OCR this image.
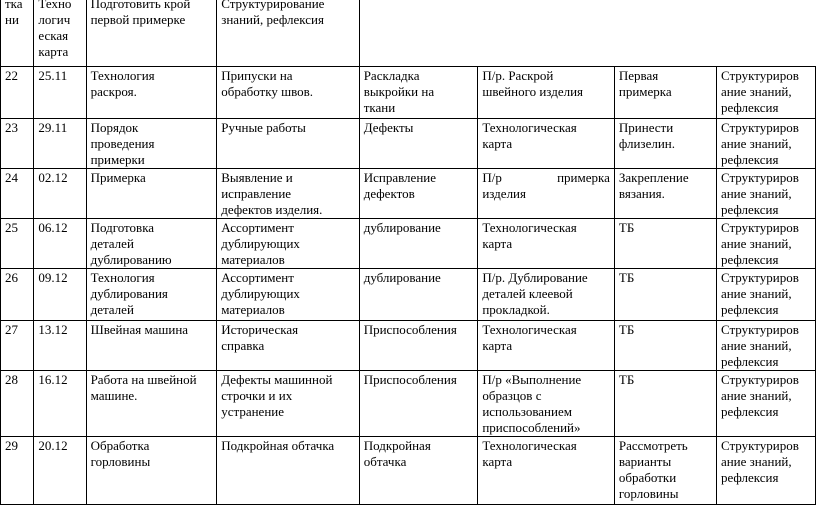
тка
ни	Техно
логич
еская
карта	Подготовить крой
первой примерке	Структурирование
знаний, рефлексия				
22	25.11	Технология
раскроя.	Припуски на
обработку швов.	Раскладка
выкройки на
ткани	П/р. Раскрой
швейного изделия	Первая
примерка	Структуриров
ание знаний,
рефлексия
23	29.11	Порядок
проведения
примерки	Ручные работы	Дефекты	Технологическая
карта	Принести
флизелин.	Структуриров
ание знаний,
рефлексия
24	02.12	Примерка	Выявление и
исправление
дефектов изделия.	Исправление
дефектов	П/р примерка
изделия	Закрепление
вязания.	Структуриров
ание знаний,
рефлексия
25	06.12	Подготовка
деталей
дублированию	Ассортимент
дублирующих
материалов	дублирование	Технологическая
карта	ТБ	Структуриров
ание знаний,
рефлексия
26	09.12	Технология
дублирования
деталей	Ассортимент
дублирующих
материалов	дублирование	П/р. Дублирование
деталей клеевой
прокладкой.	ТБ	Структуриров
ание знаний,
рефлексия
27	13.12	Швейная машина	Историческая
справка	Приспособления	Технологическая
карта	ТБ	Структуриров
ание знаний,
рефлексия
28	16.12	Работа на швейной
машине.	Дефекты машинной
строчки и их
устранение	Приспособления	П/р «Выполнение
образцов с
использованием
приспособлений»	ТБ	Структуриров
ание знаний,
рефлексия
29	20.12	Обработка
горловины	Подкройная обтачка	Подкройная
обтачка	Технологическая
карта	Рассмотреть
варианты
обработки
горловины	Структуриров
ание знаний,
рефлексия
